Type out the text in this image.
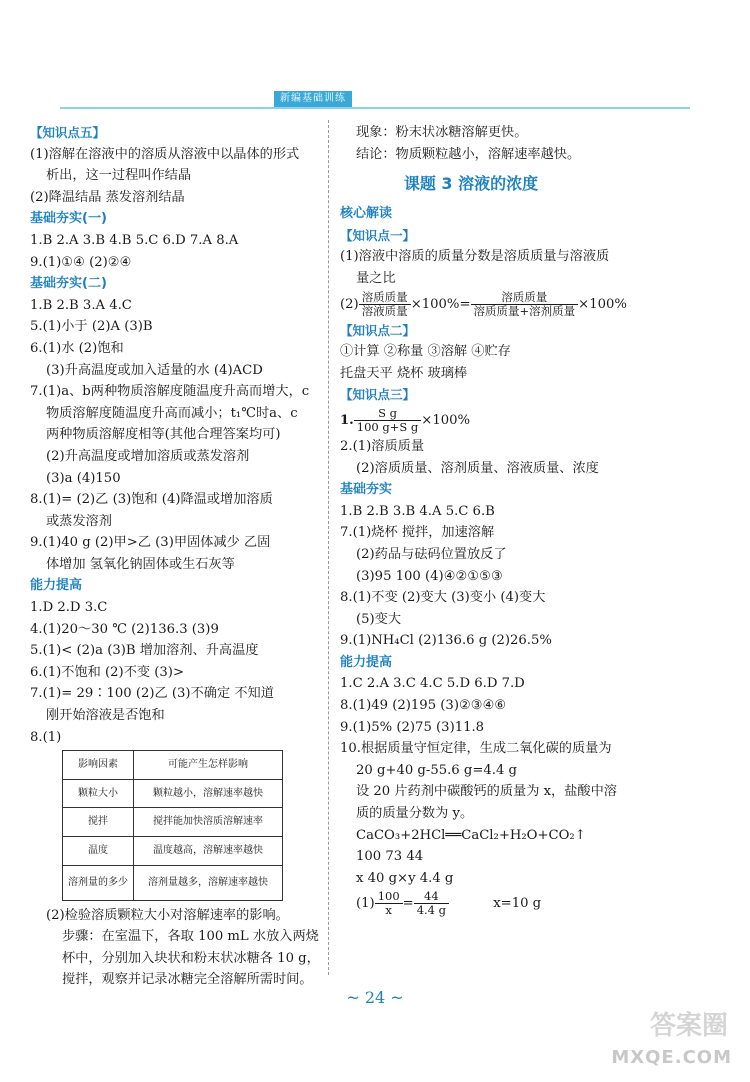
新编基础训练
【知识点五】
(1)溶解在溶液中的溶质从溶液中以晶体的形式
析出，这一过程叫作结晶
(2)降温结晶 蒸发溶剂结晶
基础夯实(一)
1.B 2.A 3.B 4.B 5.C 6.D 7.A 8.A
9.(1)①④ (2)②④
基础夯实(二)
1.B 2.B 3.A 4.C
5.(1)小于 (2)A (3)B
6.(1)水 (2)饱和
(3)升高温度或加入适量的水 (4)ACD
7.(1)a、b两种物质溶解度随温度升高而增大，c
物质溶解度随温度升高而减小；t₁℃时a、c
两种物质溶解度相等(其他合理答案均可)
(2)升高温度或增加溶质或蒸发溶剂
(3)a (4)150
8.(1)= (2)乙 (3)饱和 (4)降温或增加溶质
或蒸发溶剂
9.(1)40 g (2)甲>乙 (3)甲固体减少 乙固
体增加 氢氧化钠固体或生石灰等
能力提高
1.D 2.D 3.C
4.(1)20～30 ℃ (2)136.3 (3)9
5.(1)< (2)a (3)B 增加溶剂、升高温度
6.(1)不饱和 (2)不变 (3)>
7.(1)= 29∶100 (2)乙 (3)不确定 不知道
刚开始溶液是否饱和
8.(1)
影响因素	可能产生怎样影响
颗粒大小	颗粒越小，溶解速率越快
搅拌	搅拌能加快溶质溶解速率
温度	温度越高，溶解速率越快
溶剂量的多少	溶剂量越多，溶解速率越快
(2)检验溶质颗粒大小对溶解速率的影响。
步骤：在室温下，各取 100 mL 水放入两烧
杯中，分别加入块状和粉末状冰糖各 10 g，
搅拌，观察并记录冰糖完全溶解所需时间。
现象：粉末状冰糖溶解更快。
结论：物质颗粒越小，溶解速率越快。
课题 3 溶液的浓度
核心解读
【知识点一】
(1)溶液中溶质的质量分数是溶质质量与溶液质
量之比
$(2) \frac{\text{溶质质量}}{\text{溶液质量}} \times 100\%= \frac{\text{溶质质量}}{\text{溶质质量+溶剂质量}} \times 100\%$
【知识点二】
①计算 ②称量 ③溶解 ④贮存
托盘天平 烧杯 玻璃棒
【知识点三】
1. $\frac{\text{S g}}{\text{100 g+S g}} \times 100\%$
2.(1)溶质质量
(2)溶质质量、溶剂质量、溶液质量、浓度
基础夯实
1.B 2.B 3.B 4.A 5.C 6.B
7.(1)烧杯 搅拌，加速溶解
(2)药品与砝码位置放反了
(3)95 100 (4)④②①⑤③
8.(1)不变 (2)变大 (3)变小 (4)变大
(5)变大
9.(1)NH₄Cl (2)136.6 g (2)26.5%
能力提高
1.C 2.A 3.C 4.C 5.D 6.D 7.D
8.(1)49 (2)195 (3)②③④⑥
9.(1)5% (2)75 (3)11.8
10.根据质量守恒定律，生成二氧化碳的质量为
20 g+40 g-55.6 g=4.4 g
设 20 片药剂中碳酸钙的质量为 x，盐酸中溶
质的质量分数为 y。
CaCO₃+2HCl══CaCl₂+H₂O+CO₂↑
100 73 44
x 40 g×y 4.4 g
$(1) \frac{100}{x} = \frac{44}{4.4 g}$	x=10 g
~ 24 ~
答案圈
MXQE.COM
